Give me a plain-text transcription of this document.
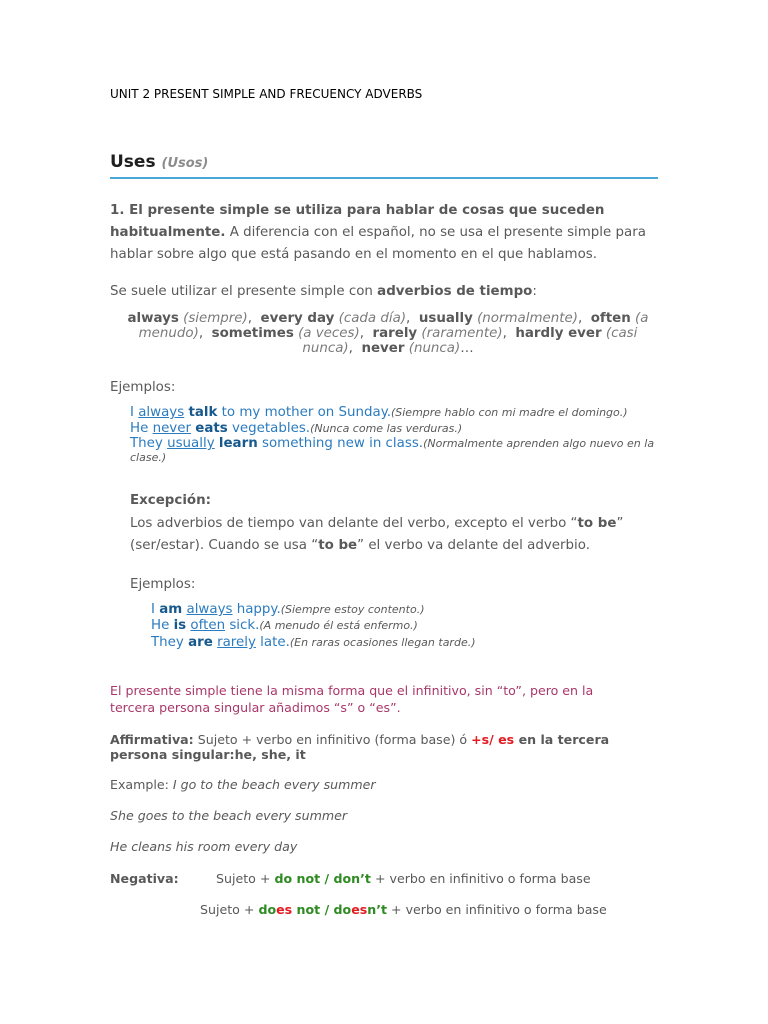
UNIT 2 PRESENT SIMPLE AND FRECUENCY ADVERBS
Uses (Usos)
1. El presente simple se utiliza para hablar de cosas que suceden habitualmente. A diferencia con el español, no se usa el presente simple para hablar sobre algo que está pasando en el momento en el que hablamos.
Se suele utilizar el presente simple con adverbios de tiempo:
always (siempre),  every day (cada día),  usually (normalmente),  often (a menudo),  sometimes (a veces),  rarely (raramente),  hardly ever (casi nunca),  never (nunca)…
Ejemplos:
I always talk to my mother on Sunday.(Siempre hablo con mi madre el domingo.)
He never eats vegetables.(Nunca come las verduras.)
They usually learn something new in class.(Normalmente aprenden algo nuevo en la clase.)
Excepción:
Los adverbios de tiempo van delante del verbo, excepto el verbo “to be” (ser/estar). Cuando se usa “to be” el verbo va delante del adverbio.
Ejemplos:
I am always happy.(Siempre estoy contento.)
He is often sick.(A menudo él está enfermo.)
They are rarely late.(En raras ocasiones llegan tarde.)
El presente simple tiene la misma forma que el infinitivo, sin “to”, pero en la tercera persona singular añadimos “s” o “es”.
Affirmativa: Sujeto + verbo en infinitivo (forma base) ó +s/ es en la tercera persona singular:he, she, it
Example: I go to the beach every summer
She goes to the beach every summer
He cleans his room every day
Negativa:	Sujeto + do not / don’t + verbo en infinitivo o forma base
Sujeto + does not / doesn’t + verbo en infinitivo o forma base
